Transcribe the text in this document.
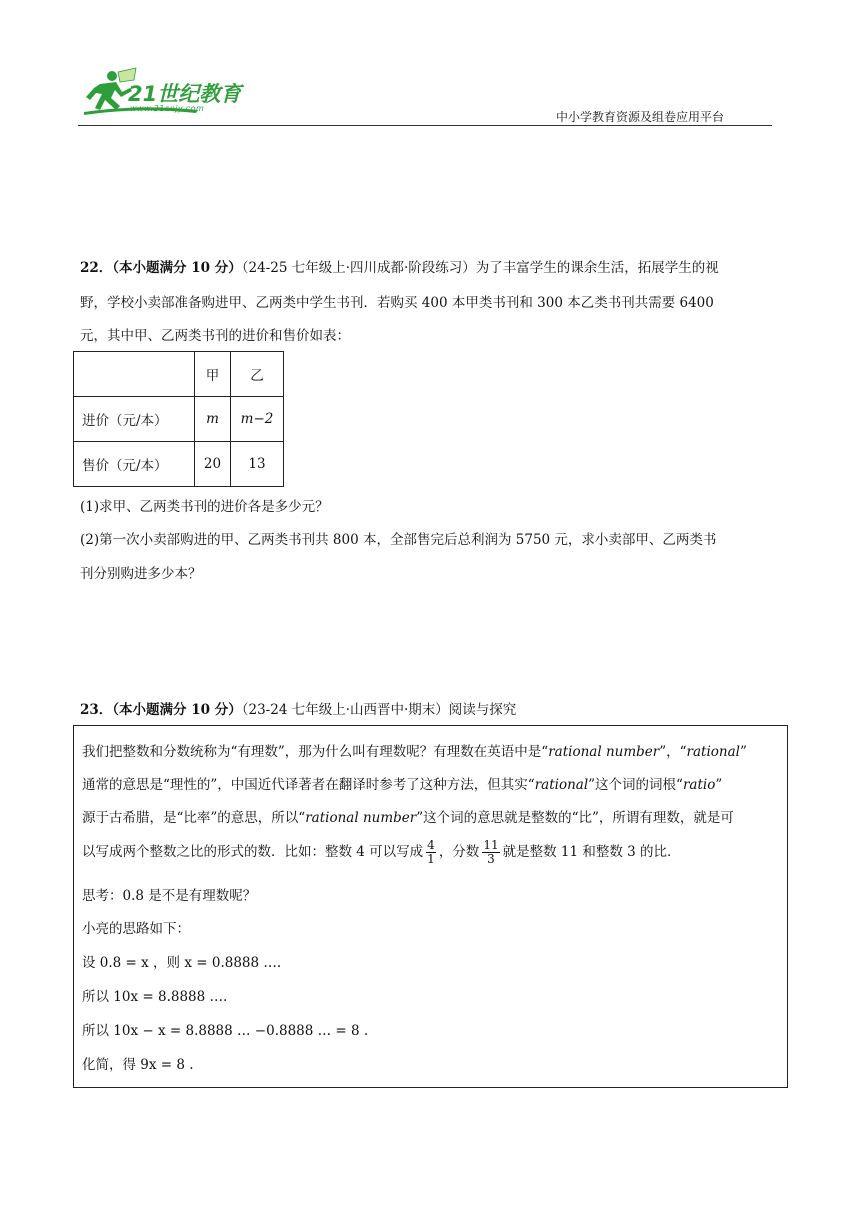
21世纪教育
www.21cnjy.com
中小学教育资源及组卷应用平台
22．（本小题满分 10 分）（24-25 七年级上·四川成都·阶段练习）为了丰富学生的课余生活，拓展学生的视
野，学校小卖部准备购进甲、乙两类中学生书刊．若购买 400 本甲类书刊和 300 本乙类书刊共需要 6400
元，其中甲、乙两类书刊的进价和售价如表：
	甲	乙
进价（元/本）	m	m−2
售价（元/本）	20	13
(1)求甲、乙两类书刊的进价各是多少元？
(2)第一次小卖部购进的甲、乙两类书刊共 800 本，全部售完后总利润为 5750 元，求小卖部甲、乙两类书
刊分别购进多少本？
23．（本小题满分 10 分）（23-24 七年级上·山西晋中·期末）阅读与探究
我们把整数和分数统称为“有理数”，那为什么叫有理数呢？有理数在英语中是“rational number”，“rational”
通常的意思是“理性的”，中国近代译著者在翻译时参考了这种方法，但其实“rational”这个词的词根“ratio”
源于古希腊，是“比率”的意思，所以“rational number”这个词的意思就是整数的“比”，所谓有理数，就是可
以写成两个整数之比的形式的数．比如：整数 4 可以写成 $\frac{4}{1}$ ，分数 $\frac{11}{3}$ 就是整数 11 和整数 3 的比．
思考：0.8 是不是有理数呢？
小亮的思路如下：
设 0.8 = x ，则 x = 0.8888 ….
所以 10x = 8.8888 ….
所以 10x − x = 8.8888 … −0.8888 … = 8 .
化简，得 9x = 8 .
